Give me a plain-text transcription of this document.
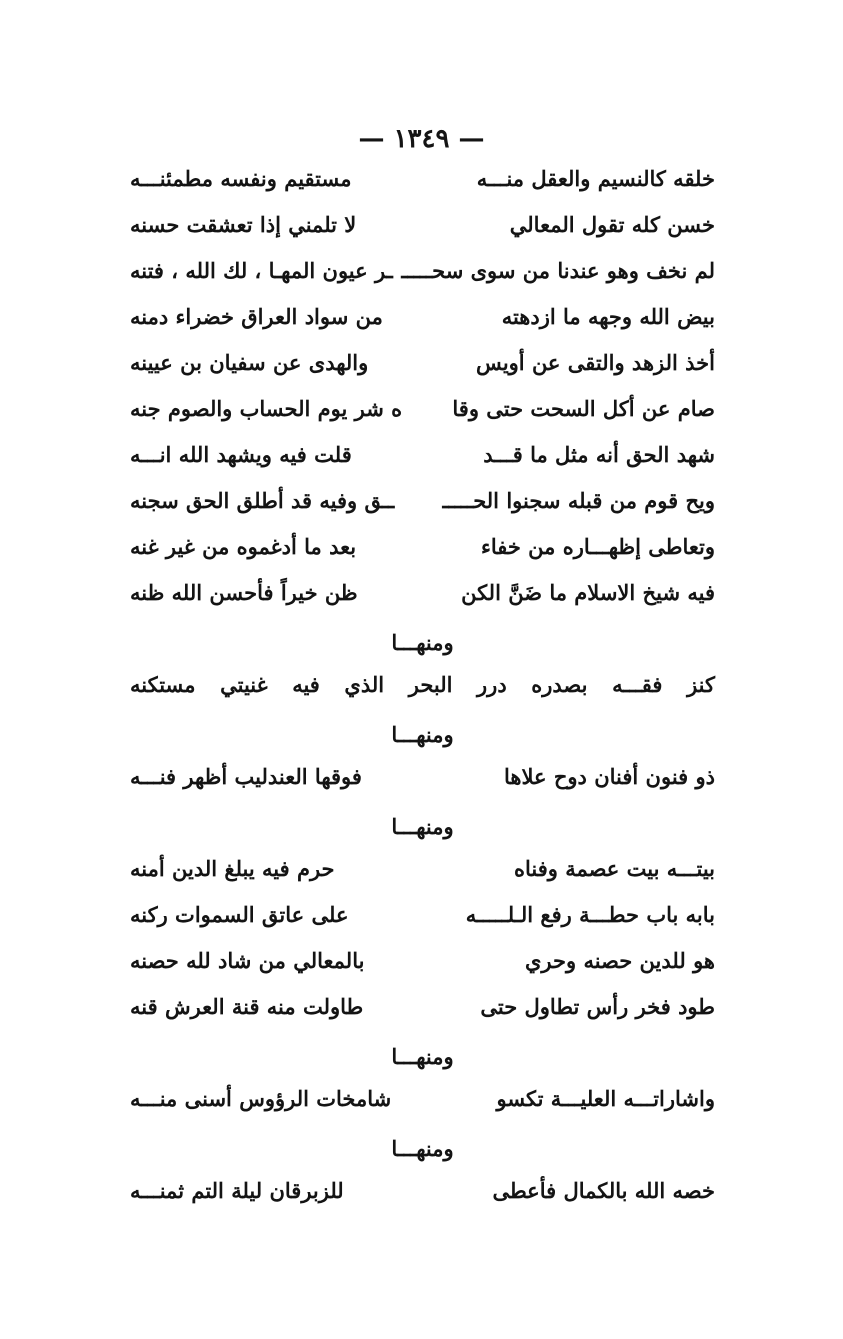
— ١٣٤٩ —
خلقه كالنسيم والعقل منـــه
مستقيم ونفسه مطمئنـــه
خسن كله تقول المعالي
لا تلمني إذا تعشقت حسنه
لم نخف وهو عندنا من سوى سحـــــ
ـر عيون المهـا ، لك الله ، فتنه
بيض الله وجهه ما ازدهته
من سواد العراق خضراء دمنه
أخذ الزهد والتقى عن أويس
والهدى عن سفيان بن عيينه
صام عن أكل السحت حتى وقا
ه شر يوم الحساب والصوم جنه
شهد الحق أنه مثل ما قـــد
قلت فيه ويشهد الله انـــه
ويح قوم من قبله سجنوا الحـــــ
ــق وفيه قد أطلق الحق سجنه
وتعاطى إظهـــاره من خفاء
بعد ما أدغموه من غير غنه
فيه شيخ الاسلام ما ضَنَّ الكن
ظن خيراً فأحسن الله ظنه
ومنهـــا
كنز فقـــه بصدره درر البحر الذي فيه غنيتي مستكنه
ومنهـــا
ذو فنون أفنان دوح علاها
فوقها العندليب أظهر فنـــه
ومنهـــا
بيتـــه بيت عصمة وفناه
حرم فيه يبلغ الدين أمنه
بابه باب حطـــة رفع الـلـــــه
على عاتق السموات ركنه
هو للدين حصنه وحري
بالمعالي من شاد لله حصنه
طود فخر رأس تطاول حتى
طاولت منه قنة العرش قنه
ومنهـــا
واشاراتـــه العليـــة تكسو
شامخات الرؤوس أسنى منـــه
ومنهـــا
خصه الله بالكمال فأعطى
للزبرقان ليلة التم ثمنـــه
